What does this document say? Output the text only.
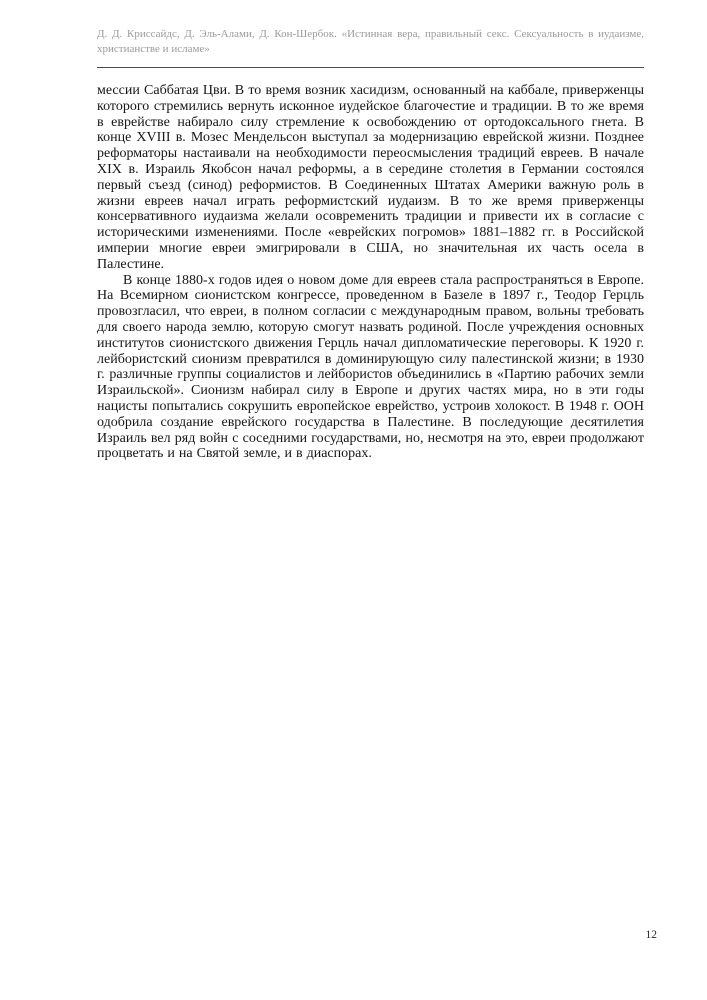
Д. Д. Криссайдс, Д. Эль-Алами, Д. Кон-Шербок. «Истинная вера, правильный секс. Сексуальность в иудаизме, христианстве и исламе»

мессии Саббатая Цви. В то время возник хасидизм, основанный на каббале, приверженцы которого стремились вернуть исконное иудейское благочестие и традиции. В то же время в еврействе набирало силу стремление к освобождению от ортодоксального гнета. В конце XVIII в. Мозес Мендельсон выступал за модернизацию еврейской жизни. Позднее реформаторы настаивали на необходимости переосмысления традиций евреев. В начале XIX в. Израиль Якобсон начал реформы, а в середине столетия в Германии состоялся первый съезд (синод) реформистов. В Соединенных Штатах Америки важную роль в жизни евреев начал играть реформистский иудаизм. В то же время приверженцы консервативного иудаизма желали осовременить традиции и привести их в согласие с историческими изменениями. После «еврейских погромов» 1881–1882 гг. в Российской империи многие евреи эмигрировали в США, но значительная их часть осела в Палестине.

В конце 1880-х годов идея о новом доме для евреев стала распространяться в Европе. На Всемирном сионистском конгрессе, проведенном в Базеле в 1897 г., Теодор Герцль провозгласил, что евреи, в полном согласии с международным правом, вольны требовать для своего народа землю, которую смогут назвать родиной. После учреждения основных институтов сионистского движения Герцль начал дипломатические переговоры. К 1920 г. лейбористский сионизм превратился в доминирующую силу палестинской жизни; в 1930 г. различные группы социалистов и лейбористов объединились в «Партию рабочих земли Израильской». Сионизм набирал силу в Европе и других частях мира, но в эти годы нацисты попытались сокрушить европейское еврейство, устроив холокост. В 1948 г. ООН одобрила создание еврейского государства в Палестине. В последующие десятилетия Израиль вел ряд войн с соседними государствами, но, несмотря на это, евреи продолжают процветать и на Святой земле, и в диаспорах.

12
